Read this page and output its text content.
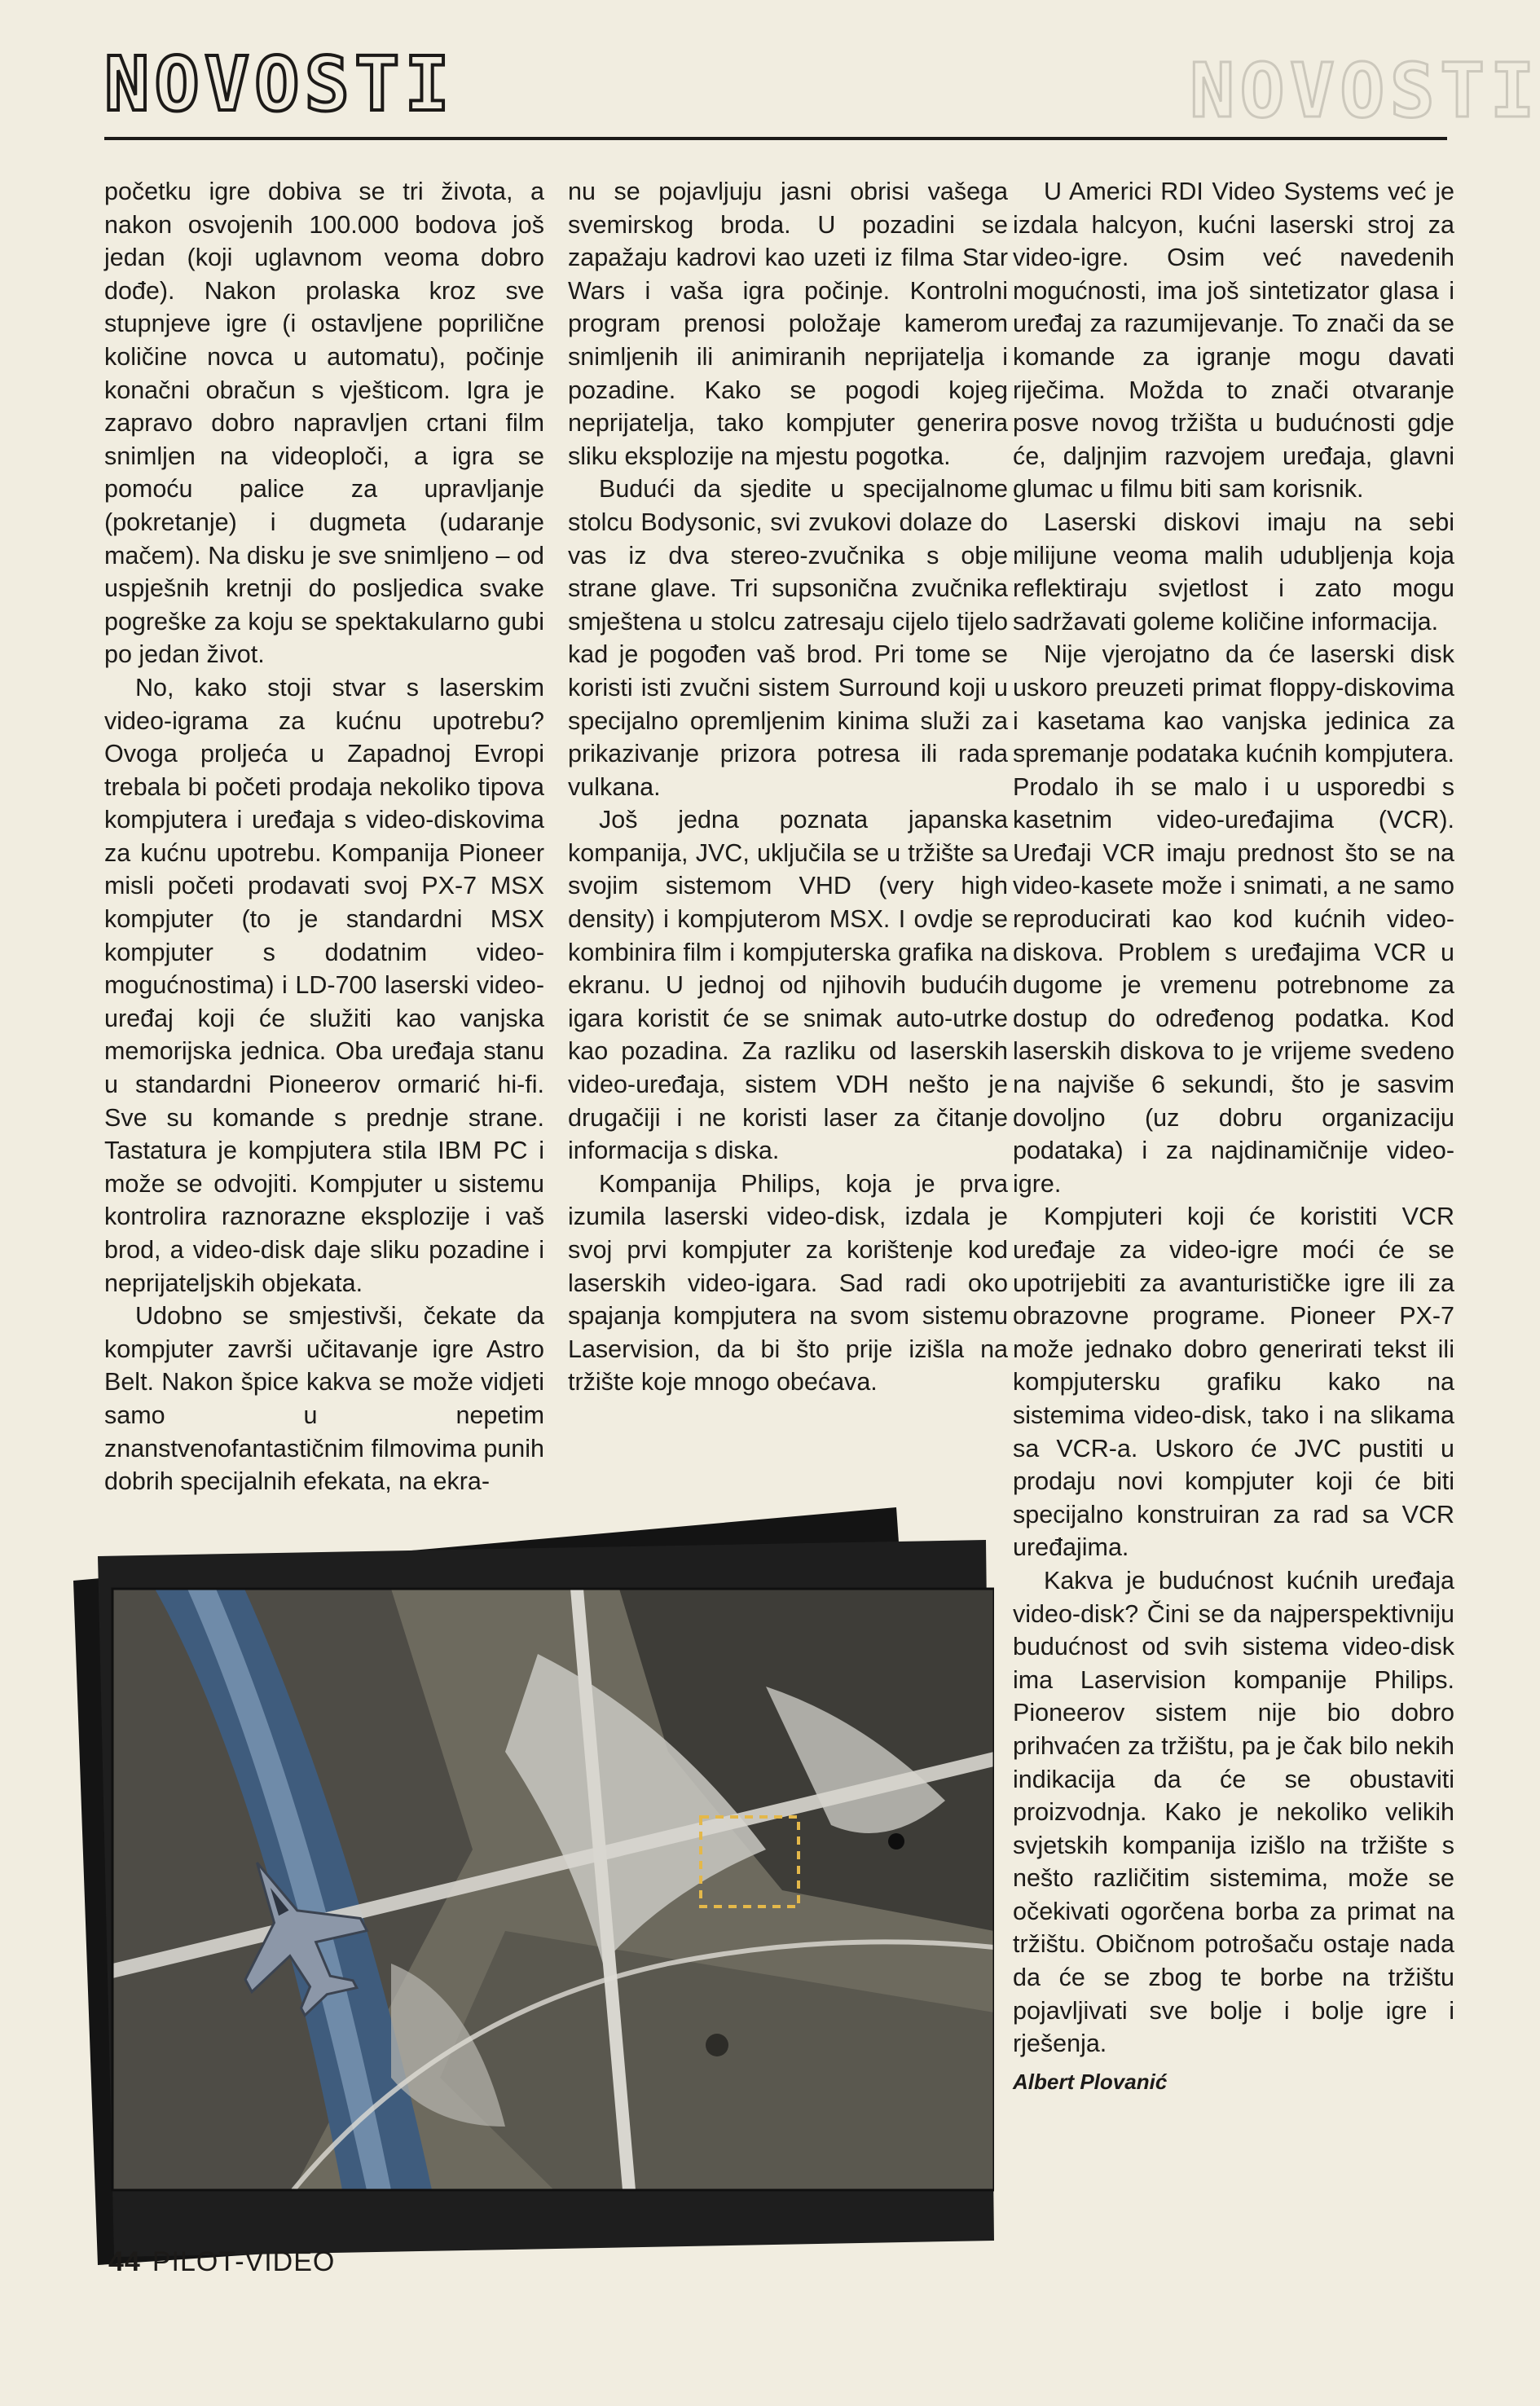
NOVOSTI	NOVOSTI

početku igre dobiva se tri života, a nakon osvojenih 100.000 bodova još jedan (koji uglavnom veoma dobro dođe). Nakon prolaska kroz sve stupnjeve igre (i ostavljene poprilične količine novca u automatu), počinje konačni obračun s vješticom. Igra je zapravo dobro napravljen crtani film snimljen na videoploči, a igra se pomoću palice za upravljanje (pokretanje) i dugmeta (udaranje mačem). Na disku je sve snimljeno – od uspješnih kretnji do posljedica svake pogreške za koju se spektakularno gubi po jedan život.

No, kako stoji stvar s laserskim video-igrama za kućnu upotrebu? Ovoga proljeća u Zapadnoj Evropi trebala bi početi prodaja nekoliko tipova kompjutera i uređaja s video-diskovima za kućnu upotrebu. Kompanija Pioneer misli početi prodavati svoj PX-7 MSX kompjuter (to je standardni MSX kompjuter s dodatnim video-mogućnostima) i LD-700 laserski video-uređaj koji će služiti kao vanjska memorijska jednica. Oba uređaja stanu u standardni Pioneerov ormarić hi-fi. Sve su komande s prednje strane. Tastatura je kompjutera stila IBM PC i može se odvojiti. Kompjuter u sistemu kontrolira raznorazne eksplozije i vaš brod, a video-disk daje sliku pozadine i neprijateljskih objekata.

Udobno se smjestivši, čekate da kompjuter završi učitavanje igre Astro Belt. Nakon špice kakva se može vidjeti samo u nepetim znanstvenofantastičnim filmovima punih dobrih specijalnih efekata, na ekra-

nu se pojavljuju jasni obrisi vašega svemirskog broda. U pozadini se zapažaju kadrovi kao uzeti iz filma Star Wars i vaša igra počinje. Kontrolni program prenosi položaje kamerom snimljenih ili animiranih neprijatelja i pozadine. Kako se pogodi kojeg neprijatelja, tako kompjuter generira sliku eksplozije na mjestu pogotka.

Budući da sjedite u specijalnome stolcu Bodysonic, svi zvukovi dolaze do vas iz dva stereo-zvučnika s obje strane glave. Tri supsonična zvučnika smještena u stolcu zatresaju cijelo tijelo kad je pogođen vaš brod. Pri tome se koristi isti zvučni sistem Surround koji u specijalno opremljenim kinima služi za prikazivanje prizora potresa ili rada vulkana.

Još jedna poznata japanska kompanija, JVC, uključila se u tržište sa svojim sistemom VHD (very high density) i kompjuterom MSX. I ovdje se kombinira film i kompjuterska grafika na ekranu. U jednoj od njihovih budućih igara koristit će se snimak auto-utrke kao pozadina. Za razliku od laserskih video-uređaja, sistem VDH nešto je drugačiji i ne koristi laser za čitanje informacija s diska.

Kompanija Philips, koja je prva izumila laserski video-disk, izdala je svoj prvi kompjuter za korištenje kod laserskih video-igara. Sad radi oko spajanja kompjutera na svom sistemu Laservision, da bi što prije izišla na tržište koje mnogo obećava.

U Americi RDI Video Systems već je izdala halcyon, kućni laserski stroj za video-igre. Osim već navedenih mogućnosti, ima još sintetizator glasa i uređaj za razumijevanje. To znači da se komande za igranje mogu davati riječima. Možda to znači otvaranje posve novog tržišta u budućnosti gdje će, daljnjim razvojem uređaja, glavni glumac u filmu biti sam korisnik.

Laserski diskovi imaju na sebi milijune veoma malih udubljenja koja reflektiraju svjetlost i zato mogu sadržavati goleme količine informacija.

Nije vjerojatno da će laserski disk uskoro preuzeti primat floppy-diskovima i kasetama kao vanjska jedinica za spremanje podataka kućnih kompjutera. Prodalo ih se malo i u usporedbi s kasetnim video-uređajima (VCR). Uređaji VCR imaju prednost što se na video-kasete može i snimati, a ne samo reproducirati kao kod kućnih video-diskova. Problem s uređajima VCR u dugome je vremenu potrebnome za dostup do određenog podatka. Kod laserskih diskova to je vrijeme svedeno na najviše 6 sekundi, što je sasvim dovoljno (uz dobru organizaciju podataka) i za najdinamičnije video-igre.

Kompjuteri koji će koristiti VCR uređaje za video-igre moći će se upotrijebiti za avanturističke igre ili za obrazovne programe. Pioneer PX-7 može jednako dobro generirati tekst ili kompjutersku grafiku kako na sistemima video-disk, tako i na slikama sa VCR-a. Uskoro će JVC pustiti u prodaju novi kompjuter koji će biti specijalno konstruiran za rad sa VCR uređajima.

Kakva je budućnost kućnih uređaja video-disk? Čini se da najperspektivniju budućnost od svih sistema video-disk ima Laservision kompanije Philips. Pioneerov sistem nije bio dobro prihvaćen za tržištu, pa je čak bilo nekih indikacija da će se obustaviti proizvodnja. Kako je nekoliko velikih svjetskih kompanija izišlo na tržište s nešto različitim sistemima, može se očekivati ogorčena borba za primat na tržištu. Običnom potrošaču ostaje nada da će se zbog te borbe na tržištu pojavljivati sve bolje i bolje igre i rješenja.

Albert Plovanić
44 PILOT-VIDEO
